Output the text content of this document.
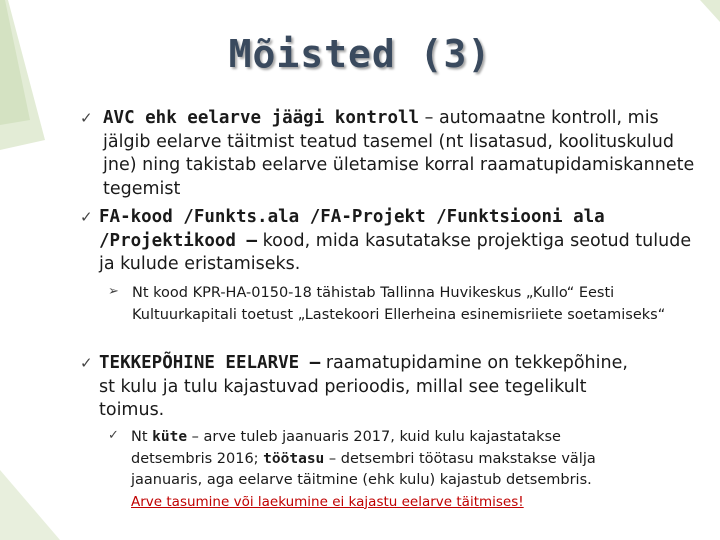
Mõisted (3)
✓ AVC ehk eelarve jäägi kontroll – automaatne kontroll, mis jälgib eelarve täitmist teatud tasemel (nt lisatasud, koolituskulud jne) ning takistab eelarve ületamise korral raamatupidamiskannete tegemist
✓ FA-kood /Funkts.ala /FA-Projekt /Funktsiooni ala /Projektikood – kood, mida kasutatakse projektiga seotud tulude ja kulude eristamiseks.
➢ Nt kood KPR-HA-0150-18 tähistab Tallinna Huvikeskus „Kullo“ Eesti Kultuurkapitali toetust „Lastekoori Ellerheina esinemisriiete soetamiseks“
✓ TEKKEPÕHINE EELARVE – raamatupidamine on tekkepõhine, st kulu ja tulu kajastuvad perioodis, millal see tegelikult toimus.
✓ Nt küte – arve tuleb jaanuaris 2017, kuid kulu kajastatakse detsembris 2016; töötasu – detsembri töötasu makstakse välja jaanuaris, aga eelarve täitmine (ehk kulu) kajastub detsembris. Arve tasumine või laekumine ei kajastu eelarve täitmises!
